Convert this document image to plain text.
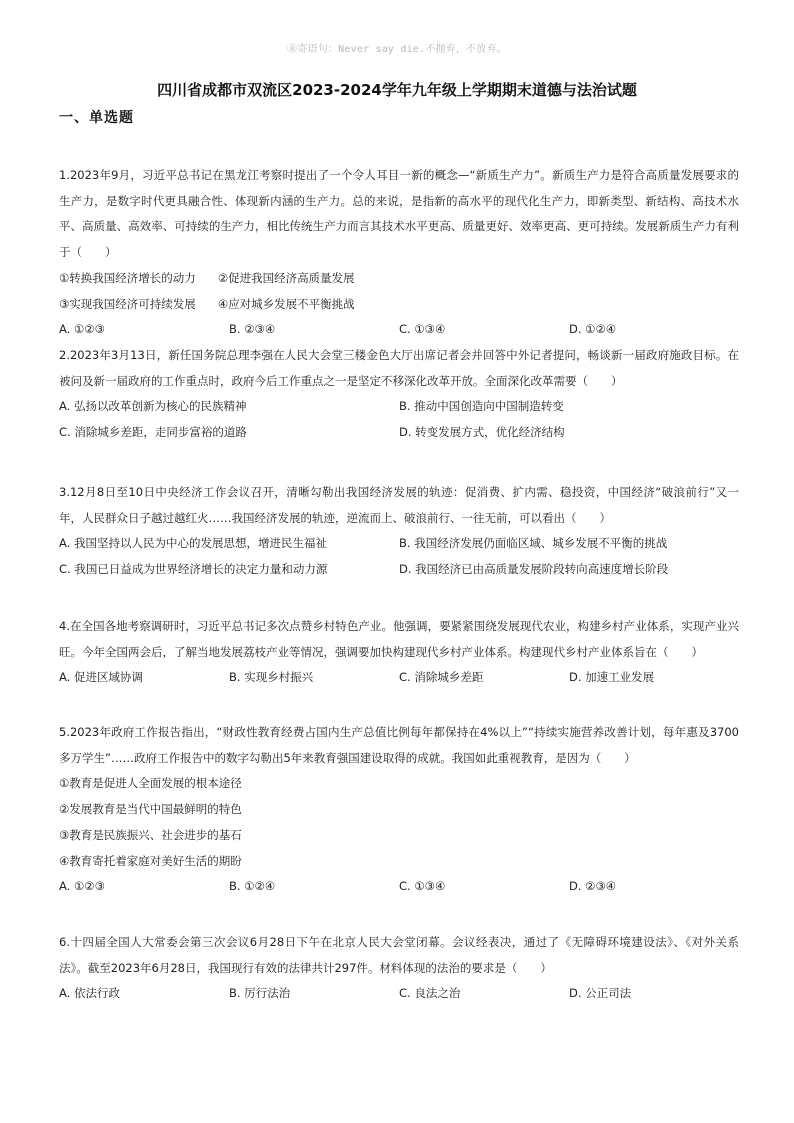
㊎寄语句：Never say die.不抛弃，不放弃。
四川省成都市双流区2023-2024学年九年级上学期期末道德与法治试题
一、单选题

1.2023年9月，习近平总书记在黑龙江考察时提出了一个令人耳目一新的概念—“新质生产力”。新质生产力是符合高质量发展要求的生产力，是数字时代更具融合性、体现新内涵的生产力。总的来说，是指新的高水平的现代化生产力，即新类型、新结构、高技术水平、高质量、高效率、可持续的生产力，相比传统生产力而言其技术水平更高、质量更好、效率更高、更可持续。发展新质生产力有利于（　　）

①转换我国经济增长的动力 ②促进我国经济高质量发展
③实现我国经济可持续发展 ④应对城乡发展不平衡挑战
A. ①②③	B. ②③④	C. ①③④	D. ①②④

2.2023年3月13日，新任国务院总理李强在人民大会堂三楼金色大厅出席记者会并回答中外记者提问，畅谈新一届政府施政目标。在被问及新一届政府的工作重点时，政府今后工作重点之一是坚定不移深化改革开放。全面深化改革需要（　　）

A. 弘扬以改革创新为核心的民族精神	B. 推动中国创造向中国制造转变
C. 消除城乡差距，走同步富裕的道路	D. 转变发展方式，优化经济结构

3.12月8日至10日中央经济工作会议召开，清晰勾勒出我国经济发展的轨迹：促消费、扩内需、稳投资，中国经济“破浪前行”又一年，人民群众日子越过越红火……我国经济发展的轨迹，逆流而上、破浪前行、一往无前，可以看出（　　）

A. 我国坚持以人民为中心的发展思想，增进民生福祉	B. 我国经济发展仍面临区域、城乡发展不平衡的挑战
C. 我国已日益成为世界经济增长的决定力量和动力源	D. 我国经济已由高质量发展阶段转向高速度增长阶段

4.在全国各地考察调研时，习近平总书记多次点赞乡村特色产业。他强调，要紧紧围绕发展现代农业，构建乡村产业体系，实现产业兴旺。今年全国两会后，了解当地发展荔枝产业等情况，强调要加快构建现代乡村产业体系。构建现代乡村产业体系旨在（　　）

A. 促进区域协调	B. 实现乡村振兴	C. 消除城乡差距	D. 加速工业发展

5.2023年政府工作报告指出，“财政性教育经费占国内生产总值比例每年都保持在4%以上”“持续实施营养改善计划，每年惠及3700多万学生”……政府工作报告中的数字勾勒出5年来教育强国建设取得的成就。我国如此重视教育，是因为（　　）

①教育是促进人全面发展的根本途径

②发展教育是当代中国最鲜明的特色

③教育是民族振兴、社会进步的基石

④教育寄托着家庭对美好生活的期盼

A. ①②③	B. ①②④	C. ①③④	D. ②③④

6.十四届全国人大常委会第三次会议6月28日下午在北京人民大会堂闭幕。会议经表决，通过了《无障碍环境建设法》、《对外关系法》。截至2023年6月28日，我国现行有效的法律共计297件。材料体现的法治的要求是（　　）

A. 依法行政	B. 厉行法治	C. 良法之治	D. 公正司法
